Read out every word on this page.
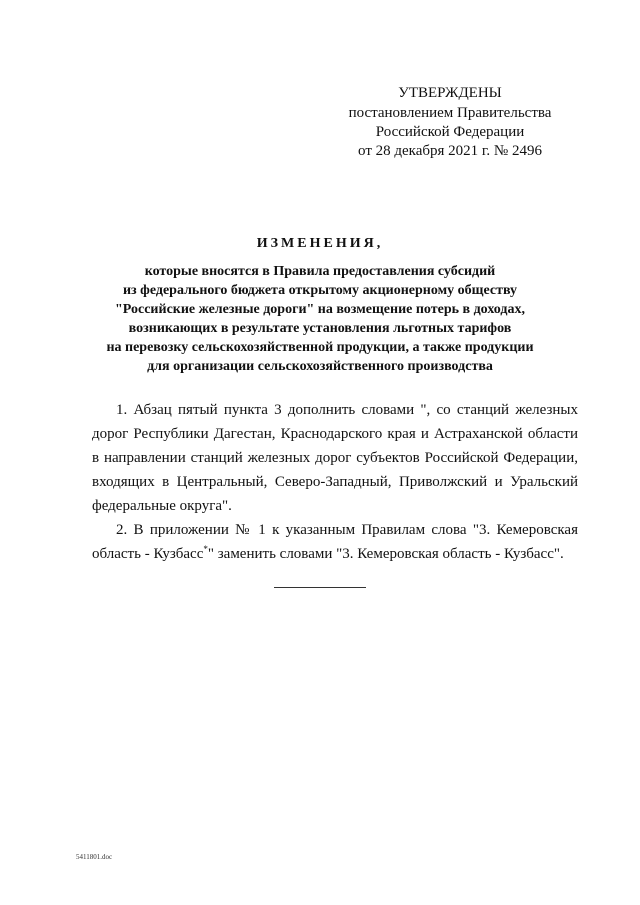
УТВЕРЖДЕНЫ
постановлением Правительства
Российской Федерации
от 28 декабря 2021 г. № 2496
ИЗМЕНЕНИЯ,
которые вносятся в Правила предоставления субсидий
из федерального бюджета открытому акционерному обществу
"Российские железные дороги" на возмещение потерь в доходах,
возникающих в результате установления льготных тарифов
на перевозку сельскохозяйственной продукции, а также продукции
для организации сельскохозяйственного производства

1. Абзац пятый пункта 3 дополнить словами ", со станций железных дорог Республики Дагестан, Краснодарского края и Астраханской области в направлении станций железных дорог субъектов Российской Федерации, входящих в Центральный, Северо-Западный, Приволжский и Уральский федеральные округа".

2. В приложении № 1 к указанным Правилам слова "3. Кемеровская область - Кузбасс*" заменить словами "3. Кемеровская область - Кузбасс".

5411801.doc
